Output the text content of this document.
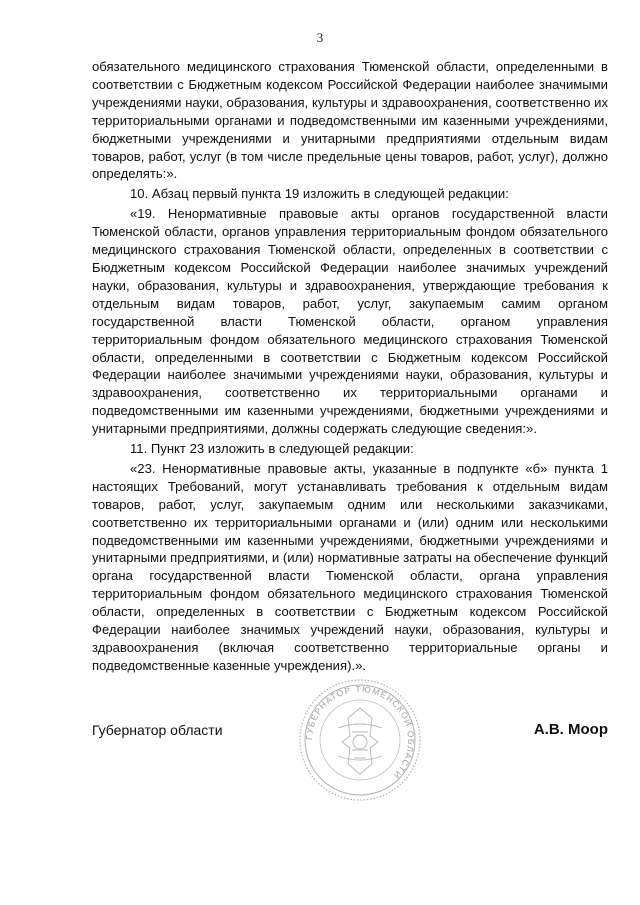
3

обязательного медицинского страхования Тюменской области, определенными в соответствии с Бюджетным кодексом Российской Федерации наиболее значимыми учреждениями науки, образования, культуры и здравоохранения, соответственно их территориальными органами и подведомственными им казенными учреждениями, бюджетными учреждениями и унитарными предприятиями отдельным видам товаров, работ, услуг (в том числе предельные цены товаров, работ, услуг), должно определять:».

10. Абзац первый пункта 19 изложить в следующей редакции:

«19. Ненормативные правовые акты органов государственной власти Тюменской области, органов управления территориальным фондом обязательного медицинского страхования Тюменской области, определенных в соответствии с Бюджетным кодексом Российской Федерации наиболее значимых учреждений науки, образования, культуры и здравоохранения, утверждающие требования к отдельным видам товаров, работ, услуг, закупаемым самим органом государственной власти Тюменской области, органом управления территориальным фондом обязательного медицинского страхования Тюменской области, определенными в соответствии с Бюджетным кодексом Российской Федерации наиболее значимыми учреждениями науки, образования, культуры и здравоохранения, соответственно их территориальными органами и подведомственными им казенными учреждениями, бюджетными учреждениями и унитарными предприятиями, должны содержать следующие сведения:».

11. Пункт 23 изложить в следующей редакции:

«23. Ненормативные правовые акты, указанные в подпункте «б» пункта 1 настоящих Требований, могут устанавливать требования к отдельным видам товаров, работ, услуг, закупаемым одним или несколькими заказчиками, соответственно их территориальными органами и (или) одним или несколькими подведомственными им казенными учреждениями, бюджетными учреждениями и унитарными предприятиями, и (или) нормативные затраты на обеспечение функций органа государственной власти Тюменской области, органа управления территориальным фондом обязательного медицинского страхования Тюменской области, определенных в соответствии с Бюджетным кодексом Российской Федерации наиболее значимых учреждений науки, образования, культуры и здравоохранения (включая соответственно территориальные органы и подведомственные казенные учреждения).».

ГУБЕРНАТОР ТЮМЕНСКОЙ ОБЛАСТИ
Губернатор области	А.В. Моор
